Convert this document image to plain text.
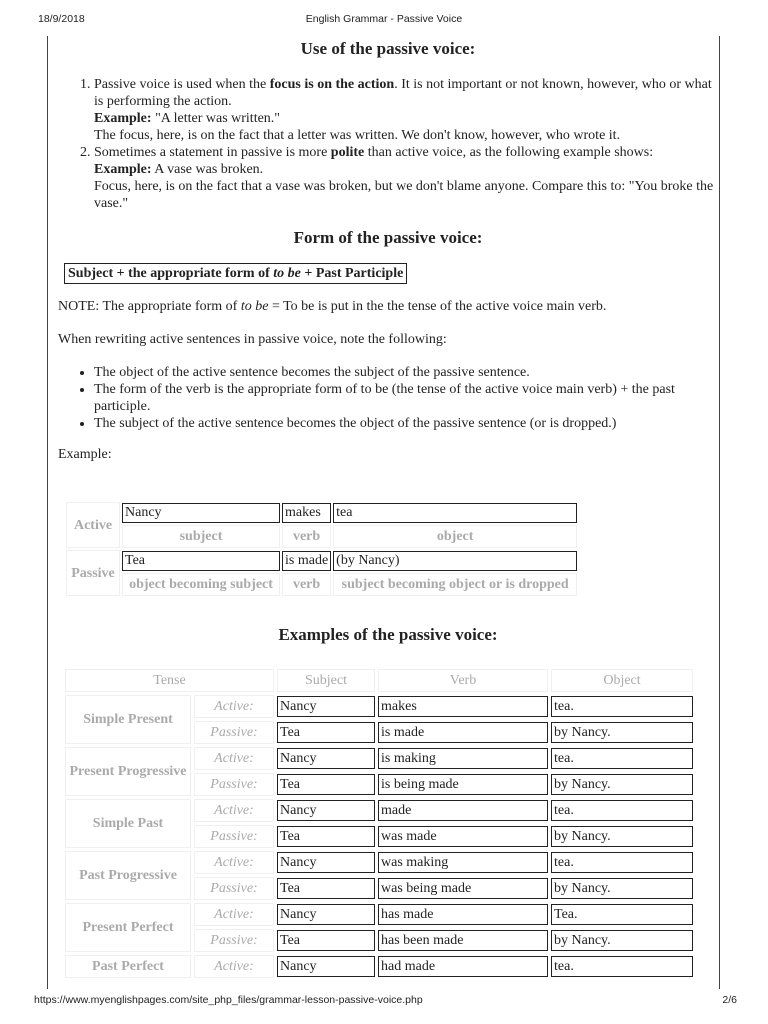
18/9/2018	English Grammar - Passive Voice
Use of the passive voice:
1. Passive voice is used when the focus is on the action. It is not important or not known, however, who or what is performing the action.
Example: "A letter was written."
The focus, here, is on the fact that a letter was written. We don't know, however, who wrote it.
2. Sometimes a statement in passive is more polite than active voice, as the following example shows:
Example: A vase was broken.
Focus, here, is on the fact that a vase was broken, but we don't blame anyone. Compare this to: "You broke the vase."
Form of the passive voice:
Subject + the appropriate form of to be + Past Participle

NOTE: The appropriate form of to be = To be is put in the the tense of the active voice main verb.

When rewriting active sentences in passive voice, note the following:

• The object of the active sentence becomes the subject of the passive sentence.
• The form of the verb is the appropriate form of to be (the tense of the active voice main verb) + the past participle.
• The subject of the active sentence becomes the object of the passive sentence (or is dropped.)

Example:

Active	Nancy	makes	tea

	subject	verb	object
Passive	Tea	is made	(by Nancy)

	object becoming subject	verb	subject becoming object or is dropped
Examples of the passive voice:
Tense		Subject	Verb	Object
Simple Present	Active:	Nancy	makes	tea.

	Passive:	Tea	is made	by Nancy.

Present Progressive	Active:	Nancy	is making	tea.

	Passive:	Tea	is being made	by Nancy.

Simple Past	Active:	Nancy	made	tea.

	Passive:	Tea	was made	by Nancy.

Past Progressive	Active:	Nancy	was making	tea.

	Passive:	Tea	was being made	by Nancy.

Present Perfect	Active:	Nancy	has made	Tea.

	Passive:	Tea	has been made	by Nancy.

Past Perfect	Active:	Nancy	had made	tea.
https://www.myenglishpages.com/site_php_files/grammar-lesson-passive-voice.php	2/6
